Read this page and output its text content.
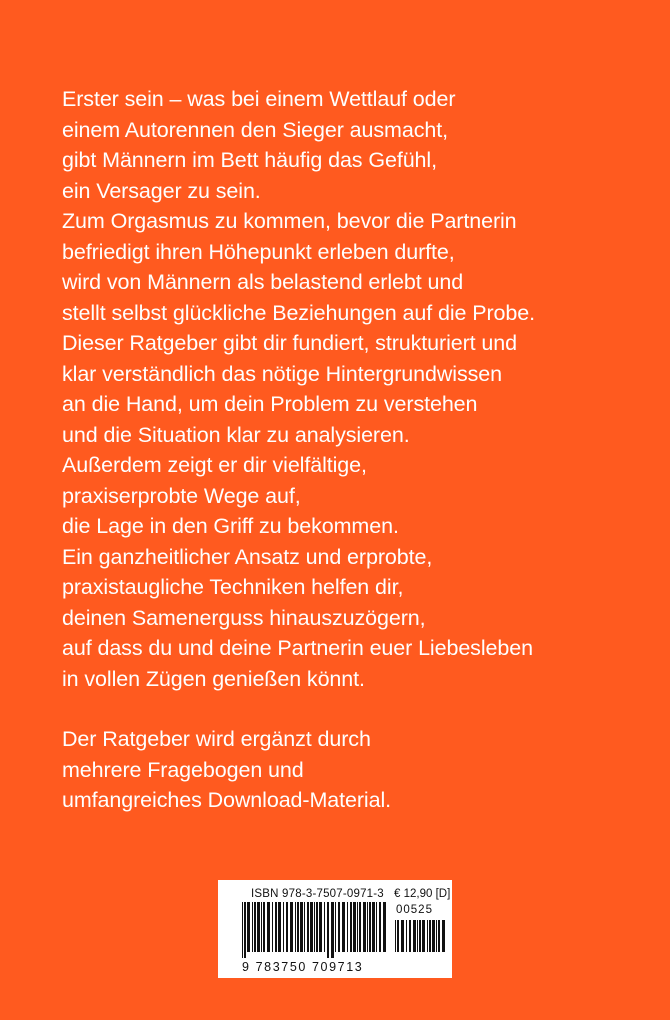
Erster sein – was bei einem Wettlauf oder
einem Autorennen den Sieger ausmacht,
gibt Männern im Bett häufig das Gefühl,
ein Versager zu sein.
Zum Orgasmus zu kommen, bevor die Partnerin
befriedigt ihren Höhepunkt erleben durfte,
wird von Männern als belastend erlebt und
stellt selbst glückliche Beziehungen auf die Probe.
Dieser Ratgeber gibt dir fundiert, strukturiert und
klar verständlich das nötige Hintergrundwissen
an die Hand, um dein Problem zu verstehen
und die Situation klar zu analysieren.
Außerdem zeigt er dir vielfältige,
praxiserprobte Wege auf,
die Lage in den Griff zu bekommen.
Ein ganzheitlicher Ansatz und erprobte,
praxistaugliche Techniken helfen dir,
deinen Samenerguss hinauszuzögern,
auf dass du und deine Partnerin euer Liebesleben
in vollen Zügen genießen könnt.
Der Ratgeber wird ergänzt durch
mehrere Fragebogen und
umfangreiches Download-Material.
ISBN 978-3-7507-0971-3 € 12,90 [D]
00525
9 783750 709713
